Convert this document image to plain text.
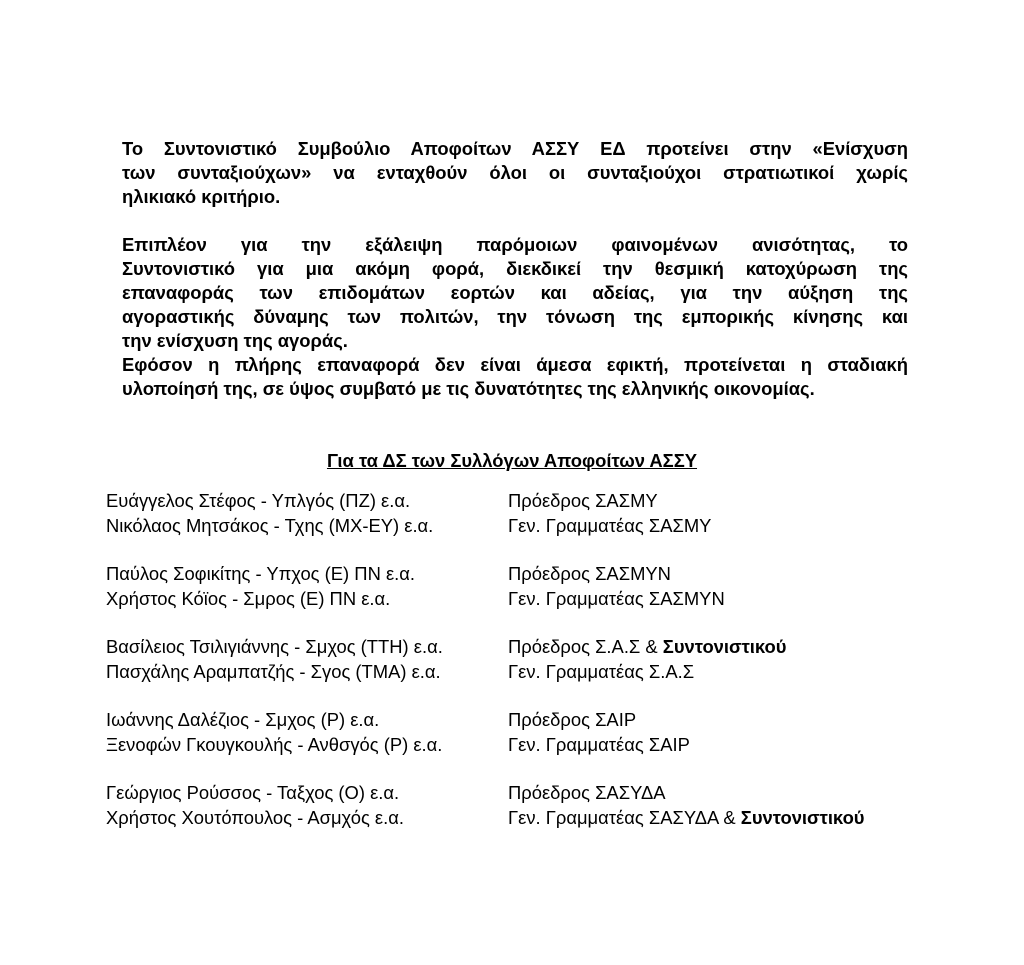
Το Συντονιστικό Συμβούλιο Αποφοίτων ΑΣΣΥ ΕΔ προτείνει στην «Ενίσχυση
των συνταξιούχων» να ενταχθούν όλοι οι συνταξιούχοι στρατιωτικοί χωρίς
ηλικιακό κριτήριο.
Επιπλέον για την εξάλειψη παρόμοιων φαινομένων ανισότητας, το
Συντονιστικό για μια ακόμη φορά, διεκδικεί την θεσμική κατοχύρωση της
επαναφοράς των επιδομάτων εορτών και αδείας, για την αύξηση της
αγοραστικής δύναμης των πολιτών, την τόνωση της εμπορικής κίνησης και
την ενίσχυση της αγοράς.
Εφόσον η πλήρης επαναφορά δεν είναι άμεσα εφικτή, προτείνεται η σταδιακή
υλοποίησή της, σε ύψος συμβατό με τις δυνατότητες της ελληνικής οικονομίας.
Για τα ΔΣ των Συλλόγων Αποφοίτων ΑΣΣΥ
Ευάγγελος Στέφος - Υπλγός (ΠΖ) ε.α.	Πρόεδρος ΣΑΣΜΥ
Νικόλαος Μητσάκος - Τχης (ΜΧ-ΕΥ) ε.α.	Γεν. Γραμματέας ΣΑΣΜΥ
Παύλος Σοφικίτης - Υπχος (Ε) ΠΝ ε.α.	Πρόεδρος ΣΑΣΜΥΝ
Χρήστος Κόϊος - Σμρος (Ε) ΠΝ ε.α.	Γεν. Γραμματέας ΣΑΣΜΥΝ
Βασίλειος Τσιλιγιάννης - Σμχος (ΤΤΗ) ε.α.	Πρόεδρος Σ.Α.Σ & Συντονιστικού
Πασχάλης Αραμπατζής - Σγος (ΤΜΑ) ε.α.	Γεν. Γραμματέας Σ.Α.Σ
Ιωάννης Δαλέζιος - Σμχος (Ρ) ε.α.	Πρόεδρος ΣΑΙΡ
Ξενοφών Γκουγκουλής - Ανθσγός (Ρ) ε.α.	Γεν. Γραμματέας ΣΑΙΡ
Γεώργιος Ρούσσος - Ταξχος (Ο) ε.α.	Πρόεδρος ΣΑΣΥΔΑ
Χρήστος Χουτόπουλος - Ασμχός ε.α.	Γεν. Γραμματέας ΣΑΣΥΔΑ & Συντονιστικού
